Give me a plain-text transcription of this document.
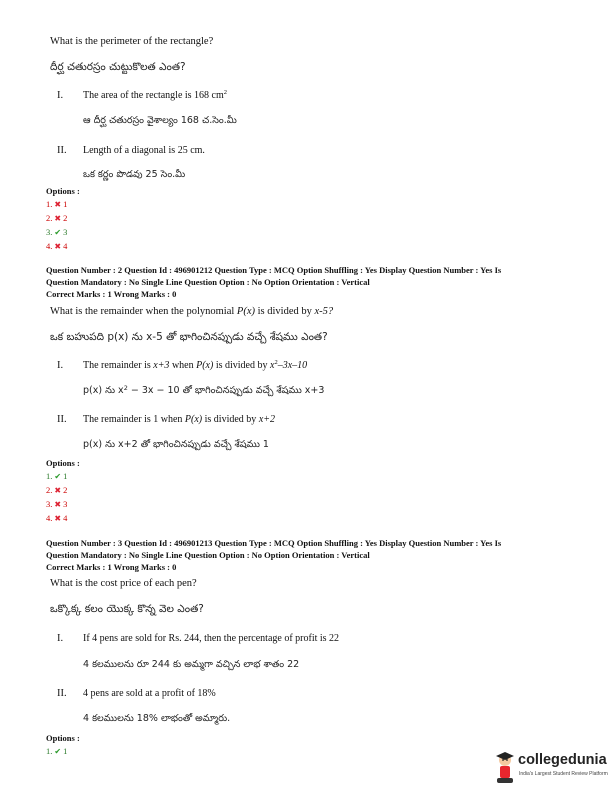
What is the perimeter of the rectangle?
దీర్ఘ చతురస్రం చుట్టుకొలత ఎంత?
I. The area of the rectangle is 168 $cm^2$
ఆ దీర్ఘ చతురస్రం వైశాల్యం 168 చ.సెం.మీ
II. Length of a diagonal is 25 cm.
ఒక కర్ణం పొడవు 25 సెం.మీ
Options :
1. ✖ 1
2. ✖ 2
3. ✔ 3
4. ✖ 4
Question Number : 2 Question Id : 496901212 Question Type : MCQ Option Shuffling : Yes Display Question Number : Yes Is
Question Mandatory : No Single Line Question Option : No Option Orientation : Vertical
Correct Marks : 1 Wrong Marks : 0
What is the remainder when the polynomial P(x) is divided by x-5?
ఒక బహుపది p(x) ను x-5 తో భాగించినప్పుడు వచ్చే శేషము ఎంత?
I. The remainder is x+3 when P(x) is divided by $x^2-3x-10$
p(x) ను $x^2 - 3x - 10$ తో భాగించినప్పుడు వచ్చే శేషము x+3
II. The remainder is 1 when P(x) is divided by x+2
p(x) ను x+2 తో భాగించినప్పుడు వచ్చే శేషము 1
Options :
1. ✔ 1
2. ✖ 2
3. ✖ 3
4. ✖ 4
Question Number : 3 Question Id : 496901213 Question Type : MCQ Option Shuffling : Yes Display Question Number : Yes Is
Question Mandatory : No Single Line Question Option : No Option Orientation : Vertical
Correct Marks : 1 Wrong Marks : 0
What is the cost price of each pen?
ఒక్కొక్క కలం యొక్క కొన్న వెల ఎంత?
I. If 4 pens are sold for Rs. 244, then the percentage of profit is 22
4 కలములను రూ 244 కు అమ్మగా వచ్చిన లాభ శాతం 22
II. 4 pens are sold at a profit of 18%
4 కలములను 18% లాభంతో అమ్మారు.
Options :
1. ✔ 1
collegedunia
India's Largest Student Review Platform
